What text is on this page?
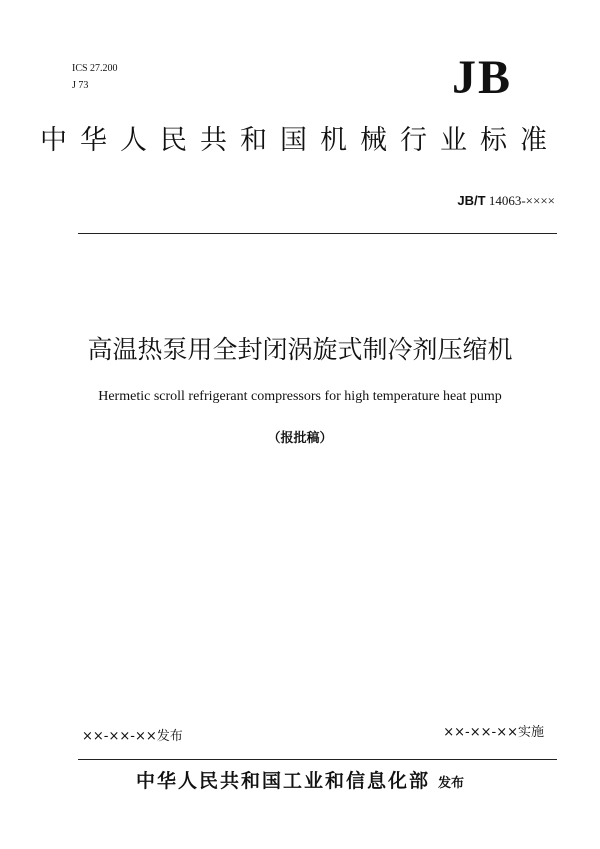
ICS 27.200
J 73	JB
中华人民共和国机械行业标准
JB/T 14063-××××
高温热泵用全封闭涡旋式制冷剂压缩机
Hermetic scroll refrigerant compressors for high temperature heat pump
（报批稿）
××-××-××发布	××-××-××实施
中华人民共和国工业和信息化部 发布
